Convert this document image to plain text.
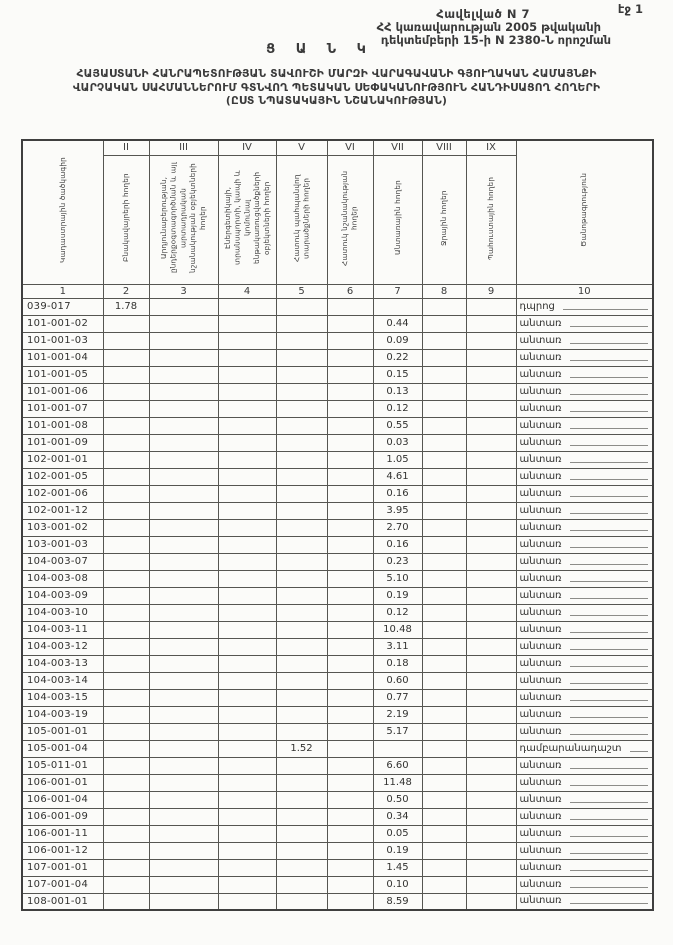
էջ 1
Հավելված N 7
ՀՀ կառավարության 2005 թվականի
դեկտեմբերի 15-ի N 2380-Ն որոշման
Ց Ա Ն Կ
ՀԱՅԱՍՏԱՆԻ ՀԱՆՐԱՊԵՏՈՒԹՅԱՆ ՏԱՎՈՒՇԻ ՄԱՐԶԻ ՎԱՐԱԳԱՎԱՆԻ ԳՅՈՒՂԱԿԱՆ ՀԱՄԱՅՆՔԻ
ՎԱՐՉԱԿԱՆ ՍԱՀՄԱՆՆԵՐՈՒՄ ԳՏՆՎՈՂ ՊԵՏԱԿԱՆ ՍԵՓԱԿԱՆՈՒԹՅՈՒՆ ՀԱՆԴԻՍԱՑՈՂ ՀՈՂԵՐԻ
(ԸՍՏ ՆՊԱՏԱԿԱՅԻՆ ՆՇԱՆԱԿՈՒԹՅԱՆ)
Կադաստրային ծածկագիր	II	III	IV	V	VI	VII	VIII	IX	Ծանոթագրություն
	Բնակավայրերի հողեր	Արդյունաբերության, ընդերքօգտագործման և այլ արտադրական նշանակության օբյեկտների հողեր	Էներգետիկայի, տրանսպորտի, կապի և կոմունալ ենթակառուցվածքների օբյեկտների հողեր	Հատուկ պահպանվող տարածքների հողեր	Հատուկ նշանակության հողեր	Անտառային հողեր	Ջրային հողեր	Պահուստային հողեր	
1	2	3	4	5	6	7	8	9	10
039-017	1.78								դպրոց

101-001-02						0.44			անտառ

101-001-03						0.09			անտառ

101-001-04						0.22			անտառ

101-001-05						0.15			անտառ

101-001-06						0.13			անտառ

101-001-07						0.12			անտառ

101-001-08						0.55			անտառ

101-001-09						0.03			անտառ

102-001-01						1.05			անտառ

102-001-05						4.61			անտառ

102-001-06						0.16			անտառ

102-001-12						3.95			անտառ

103-001-02						2.70			անտառ

103-001-03						0.16			անտառ

104-003-07						0.23			անտառ

104-003-08						5.10			անտառ

104-003-09						0.19			անտառ

104-003-10						0.12			անտառ

104-003-11						10.48			անտառ

104-003-12						3.11			անտառ

104-003-13						0.18			անտառ

104-003-14						0.60			անտառ

104-003-15						0.77			անտառ

104-003-19						2.19			անտառ

105-001-01						5.17			անտառ

105-001-04				1.52					դամբարանադաշտ

105-011-01						6.60			անտառ

106-001-01						11.48			անտառ

106-001-04						0.50			անտառ

106-001-09						0.34			անտառ

106-001-11						0.05			անտառ

106-001-12						0.19			անտառ

107-001-01						1.45			անտառ

107-001-04						0.10			անտառ

108-001-01						8.59			անտառ
